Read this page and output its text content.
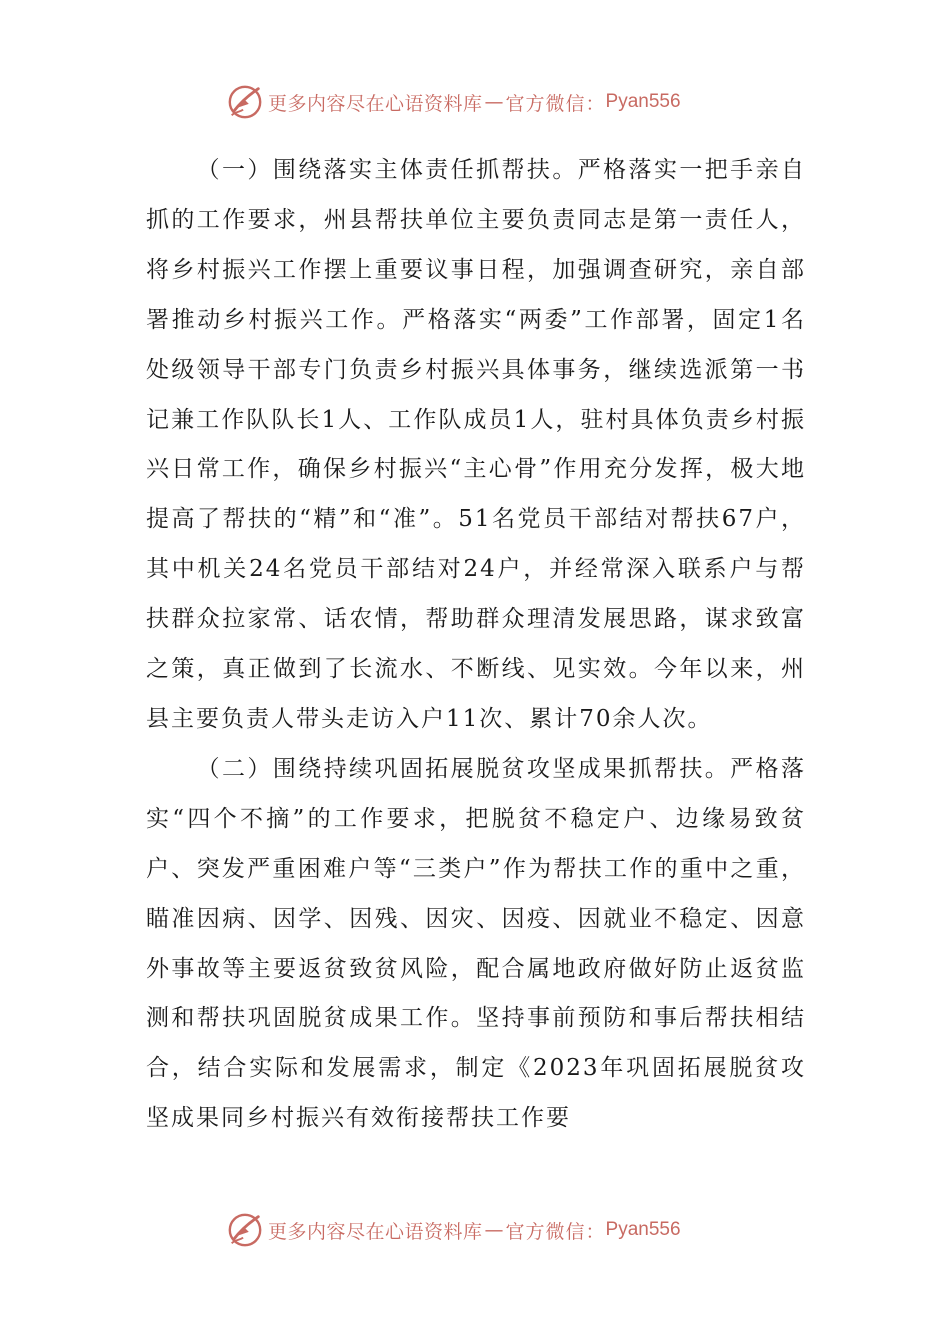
更多内容尽在心语资料库 — 官方微信： Pyan556

（一）围绕落实主体责任抓帮扶。严格落实一把手亲自抓的工作要求，州县帮扶单位主要负责同志是第一责任人，将乡村振兴工作摆上重要议事日程，加强调查研究，亲自部署推动乡村振兴工作。严格落实“两委”工作部署，固定1名处级领导干部专门负责乡村振兴具体事务，继续选派第一书记兼工作队队长1人、工作队成员1人，驻村具体负责乡村振兴日常工作，确保乡村振兴“主心骨”作用充分发挥，极大地提高了帮扶的“精”和“准”。51名党员干部结对帮扶67户，其中机关24名党员干部结对24户，并经常深入联系户与帮扶群众拉家常、话农情，帮助群众理清发展思路，谋求致富之策，真正做到了长流水、不断线、见实效。今年以来，州县主要负责人带头走访入户11次、累计70余人次。

（二）围绕持续巩固拓展脱贫攻坚成果抓帮扶。严格落实“四个不摘”的工作要求，把脱贫不稳定户、边缘易致贫户、突发严重困难户等“三类户”作为帮扶工作的重中之重，瞄准因病、因学、因残、因灾、因疫、因就业不稳定、因意外事故等主要返贫致贫风险，配合属地政府做好防止返贫监测和帮扶巩固脱贫成果工作。坚持事前预防和事后帮扶相结合，结合实际和发展需求，制定《2023年巩固拓展脱贫攻坚成果同乡村振兴有效衔接帮扶工作要

更多内容尽在心语资料库 — 官方微信： Pyan556
